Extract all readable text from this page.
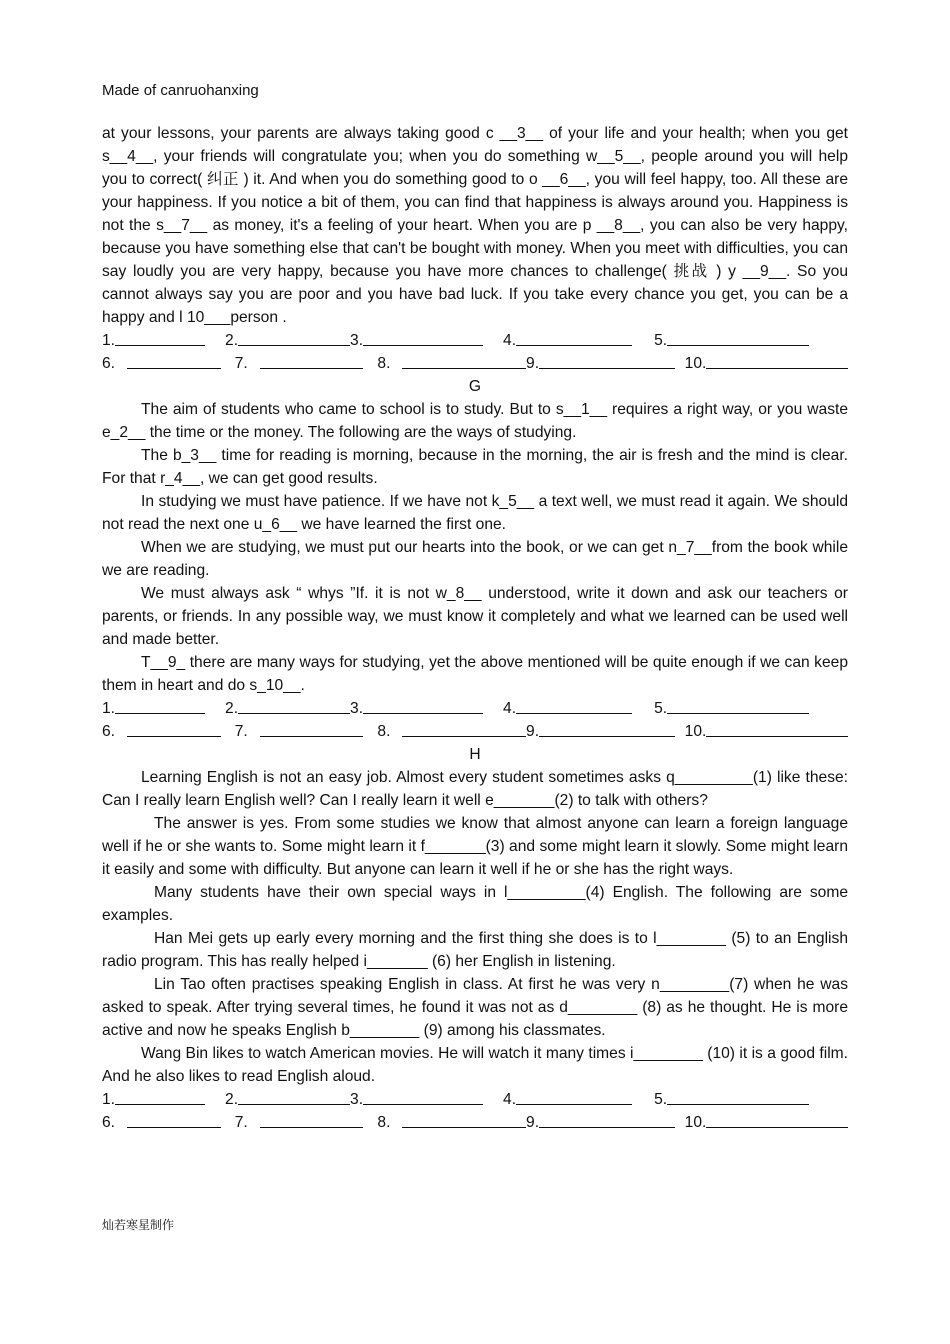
Made of canruohanxing

at your lessons, your parents are always taking good c __3__ of your life and your health; when you get s__4__, your friends will congratulate you; when you do something w__5__, people around you will help you to correct( 纠正 ) it. And when you do something good to o __6__, you will feel happy, too. All these are your happiness. If you notice a bit of them, you can find that happiness is always around you. Happiness is not the s__7__ as money, it's a feeling of your heart. When you are p __8__, you can also be very happy, because you have something else that can't be bought with money. When you meet with difficulties, you can say loudly you are very happy, because you have more chances to challenge( 挑战 ) y __9__. So you cannot always say you are poor and you have bad luck. If you take every chance you get, you can be a happy and l 10___person .

1.	2.	3.	4.	5.
6.	7.	8.	9.	10.

G

The aim of students who came to school is to study. But to s__1__ requires a right way, or you waste e_2__ the time or the money. The following are the ways of studying.

The b_3__ time for reading is morning, because in the morning, the air is fresh and the mind is clear. For that r_4__, we can get good results.

In studying we must have patience. If we have not k_5__ a text well, we must read it again. We should not read the next one u_6__ we have learned the first one.

When we are studying, we must put our hearts into the book, or we can get n_7__from the book while we are reading.

We must always ask “ whys ”If. it is not w_8__ understood, write it down and ask our teachers or parents, or friends. In any possible way, we must know it completely and what we learned can be used well and made better.

T__9_ there are many ways for studying, yet the above mentioned will be quite enough if we can keep them in heart and do s_10__.

1.	2.	3.	4.	5.
6.	7.	8.	9.	10.

H

Learning English is not an easy job. Almost every student sometimes asks q_________(1) like these: Can I really learn English well? Can I really learn it well e_______(2) to talk with others?

The answer is yes. From some studies we know that almost anyone can learn a foreign language well if he or she wants to. Some might learn it f_______(3) and some might learn it slowly. Some might learn it easily and some with difficulty. But anyone can learn it well if he or she has the right ways.

Many students have their own special ways in l_________(4) English. The following are some examples.

Han Mei gets up early every morning and the first thing she does is to l________ (5) to an English radio program. This has really helped i_______ (6) her English in listening.

Lin Tao often practises speaking English in class. At first he was very n________(7) when he was asked to speak. After trying several times, he found it was not as d________ (8) as he thought. He is more active and now he speaks English b________ (9) among his classmates.

Wang Bin likes to watch American movies. He will watch it many times i________ (10) it is a good film. And he also likes to read English aloud.

1.	2.	3.	4.	5.
6.	7.	8.	9.	10.
灿若寒星制作
